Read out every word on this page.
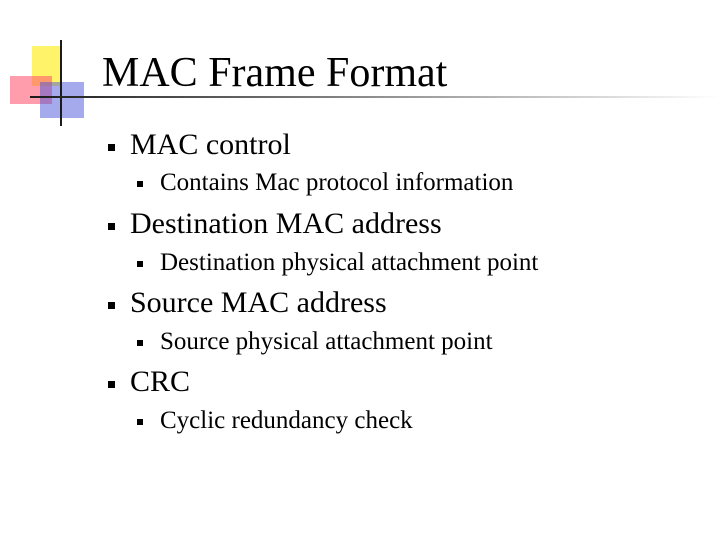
MAC Frame Format
MAC control
Contains Mac protocol information
Destination MAC address
Destination physical attachment point
Source MAC address
Source physical attachment point
CRC
Cyclic redundancy check
